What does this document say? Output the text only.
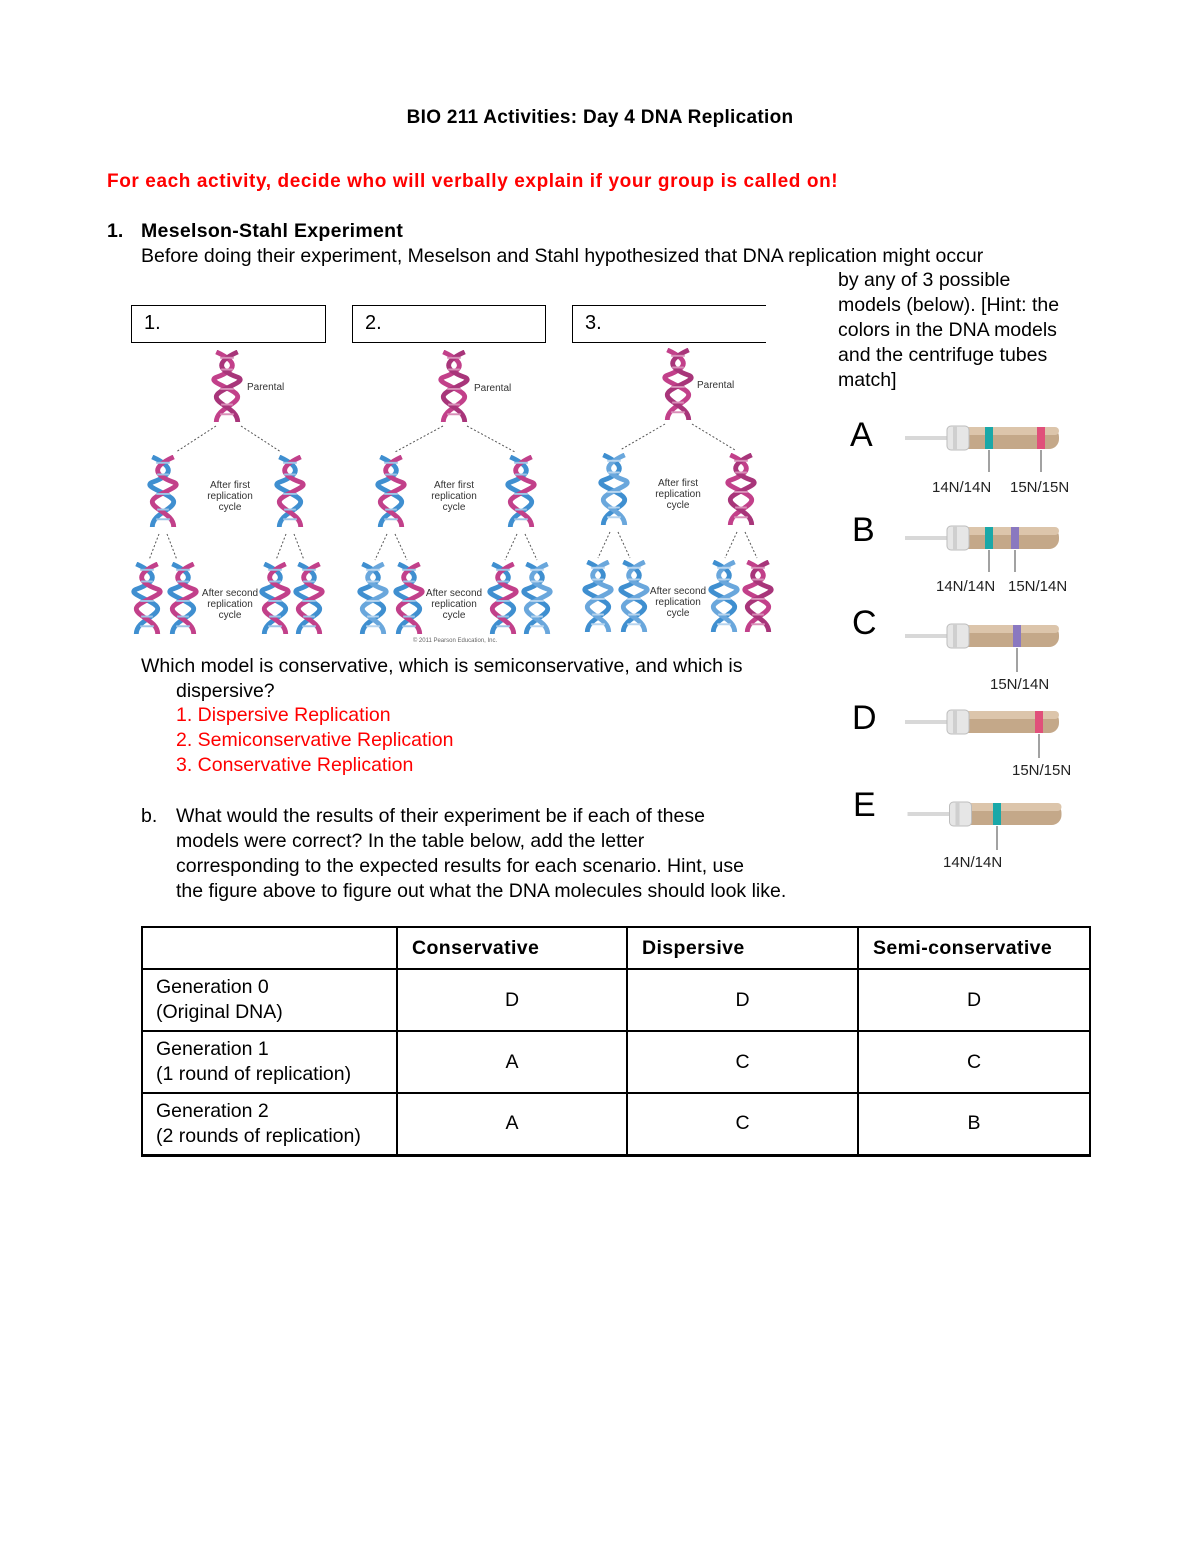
BIO 211 Activities: Day 4 DNA Replication
For each activity, decide who will verbally explain if your group is called on!
1. Meselson-Stahl Experiment
Before doing their experiment, Meselson and Stahl hypothesized that DNA replication might occur
by any of 3 possible
models (below). [Hint: the
colors in the DNA models
and the centrifuge tubes
match]
1.	2.	3.
Parental
After first
replication
cycle
After second
replication
cycle
Parental
After first
replication
cycle
After second
replication
cycle
© 2011 Pearson Education, Inc.
Parental
After first
replication
cycle
After second
replication
cycle
Which model is conservative, which is semiconservative, and which is
dispersive?
1. Dispersive Replication
2. Semiconservative Replication
3. Conservative Replication
b. What would the results of their experiment be if each of these
models were correct? In the table below, add the letter
corresponding to the expected results for each scenario. Hint, use
the figure above to figure out what the DNA molecules should look like.
A
14N/14N 15N/15N
B
14N/14N 15N/14N
C
15N/14N
D
15N/15N
E
14N/14N
	Conservative	Dispersive	Semi-conservative

Generation 0
(Original DNA)	D	D	D

Generation 1
(1 round of replication)	A	C	C

Generation 2
(2 rounds of replication)	A	C	B
